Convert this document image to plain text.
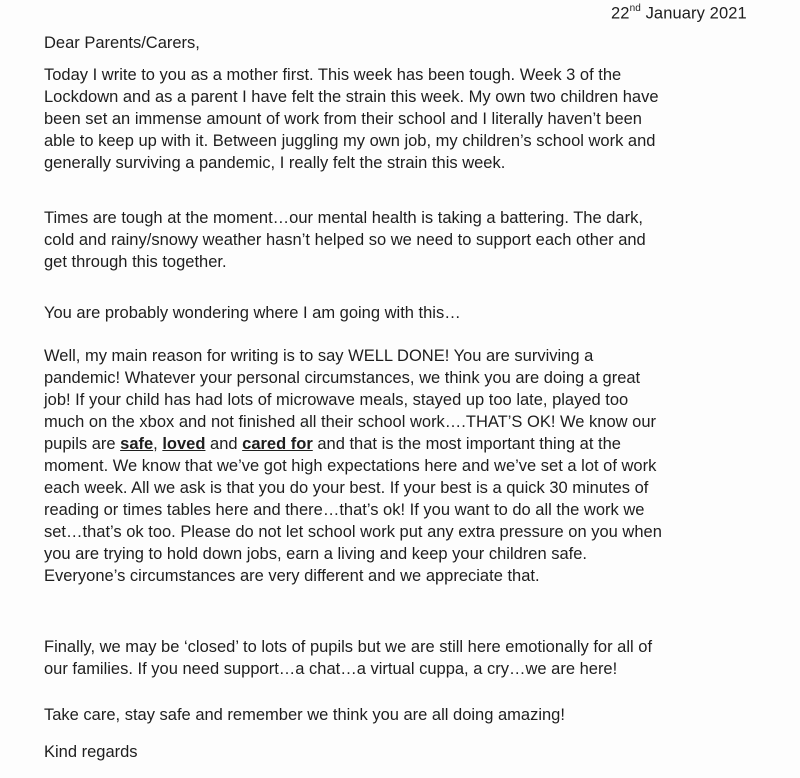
22nd January 2021
Dear Parents/Carers,
Today I write to you as a mother first. This week has been tough. Week 3 of the
Lockdown and as a parent I have felt the strain this week. My own two children have
been set an immense amount of work from their school and I literally haven’t been
able to keep up with it. Between juggling my own job, my children’s school work and
generally surviving a pandemic, I really felt the strain this week.
Times are tough at the moment…our mental health is taking a battering. The dark,
cold and rainy/snowy weather hasn’t helped so we need to support each other and
get through this together.
You are probably wondering where I am going with this…
Well, my main reason for writing is to say WELL DONE! You are surviving a
pandemic! Whatever your personal circumstances, we think you are doing a great
job! If your child has had lots of microwave meals, stayed up too late, played too
much on the xbox and not finished all their school work….THAT’S OK! We know our
pupils are safe, loved and cared for and that is the most important thing at the
moment. We know that we’ve got high expectations here and we’ve set a lot of work
each week. All we ask is that you do your best. If your best is a quick 30 minutes of
reading or times tables here and there…that’s ok! If you want to do all the work we
set…that’s ok too. Please do not let school work put any extra pressure on you when
you are trying to hold down jobs, earn a living and keep your children safe.
Everyone’s circumstances are very different and we appreciate that.
Finally, we may be ‘closed’ to lots of pupils but we are still here emotionally for all of
our families. If you need support…a chat…a virtual cuppa, a cry…we are here!
Take care, stay safe and remember we think you are all doing amazing!
Kind regards
